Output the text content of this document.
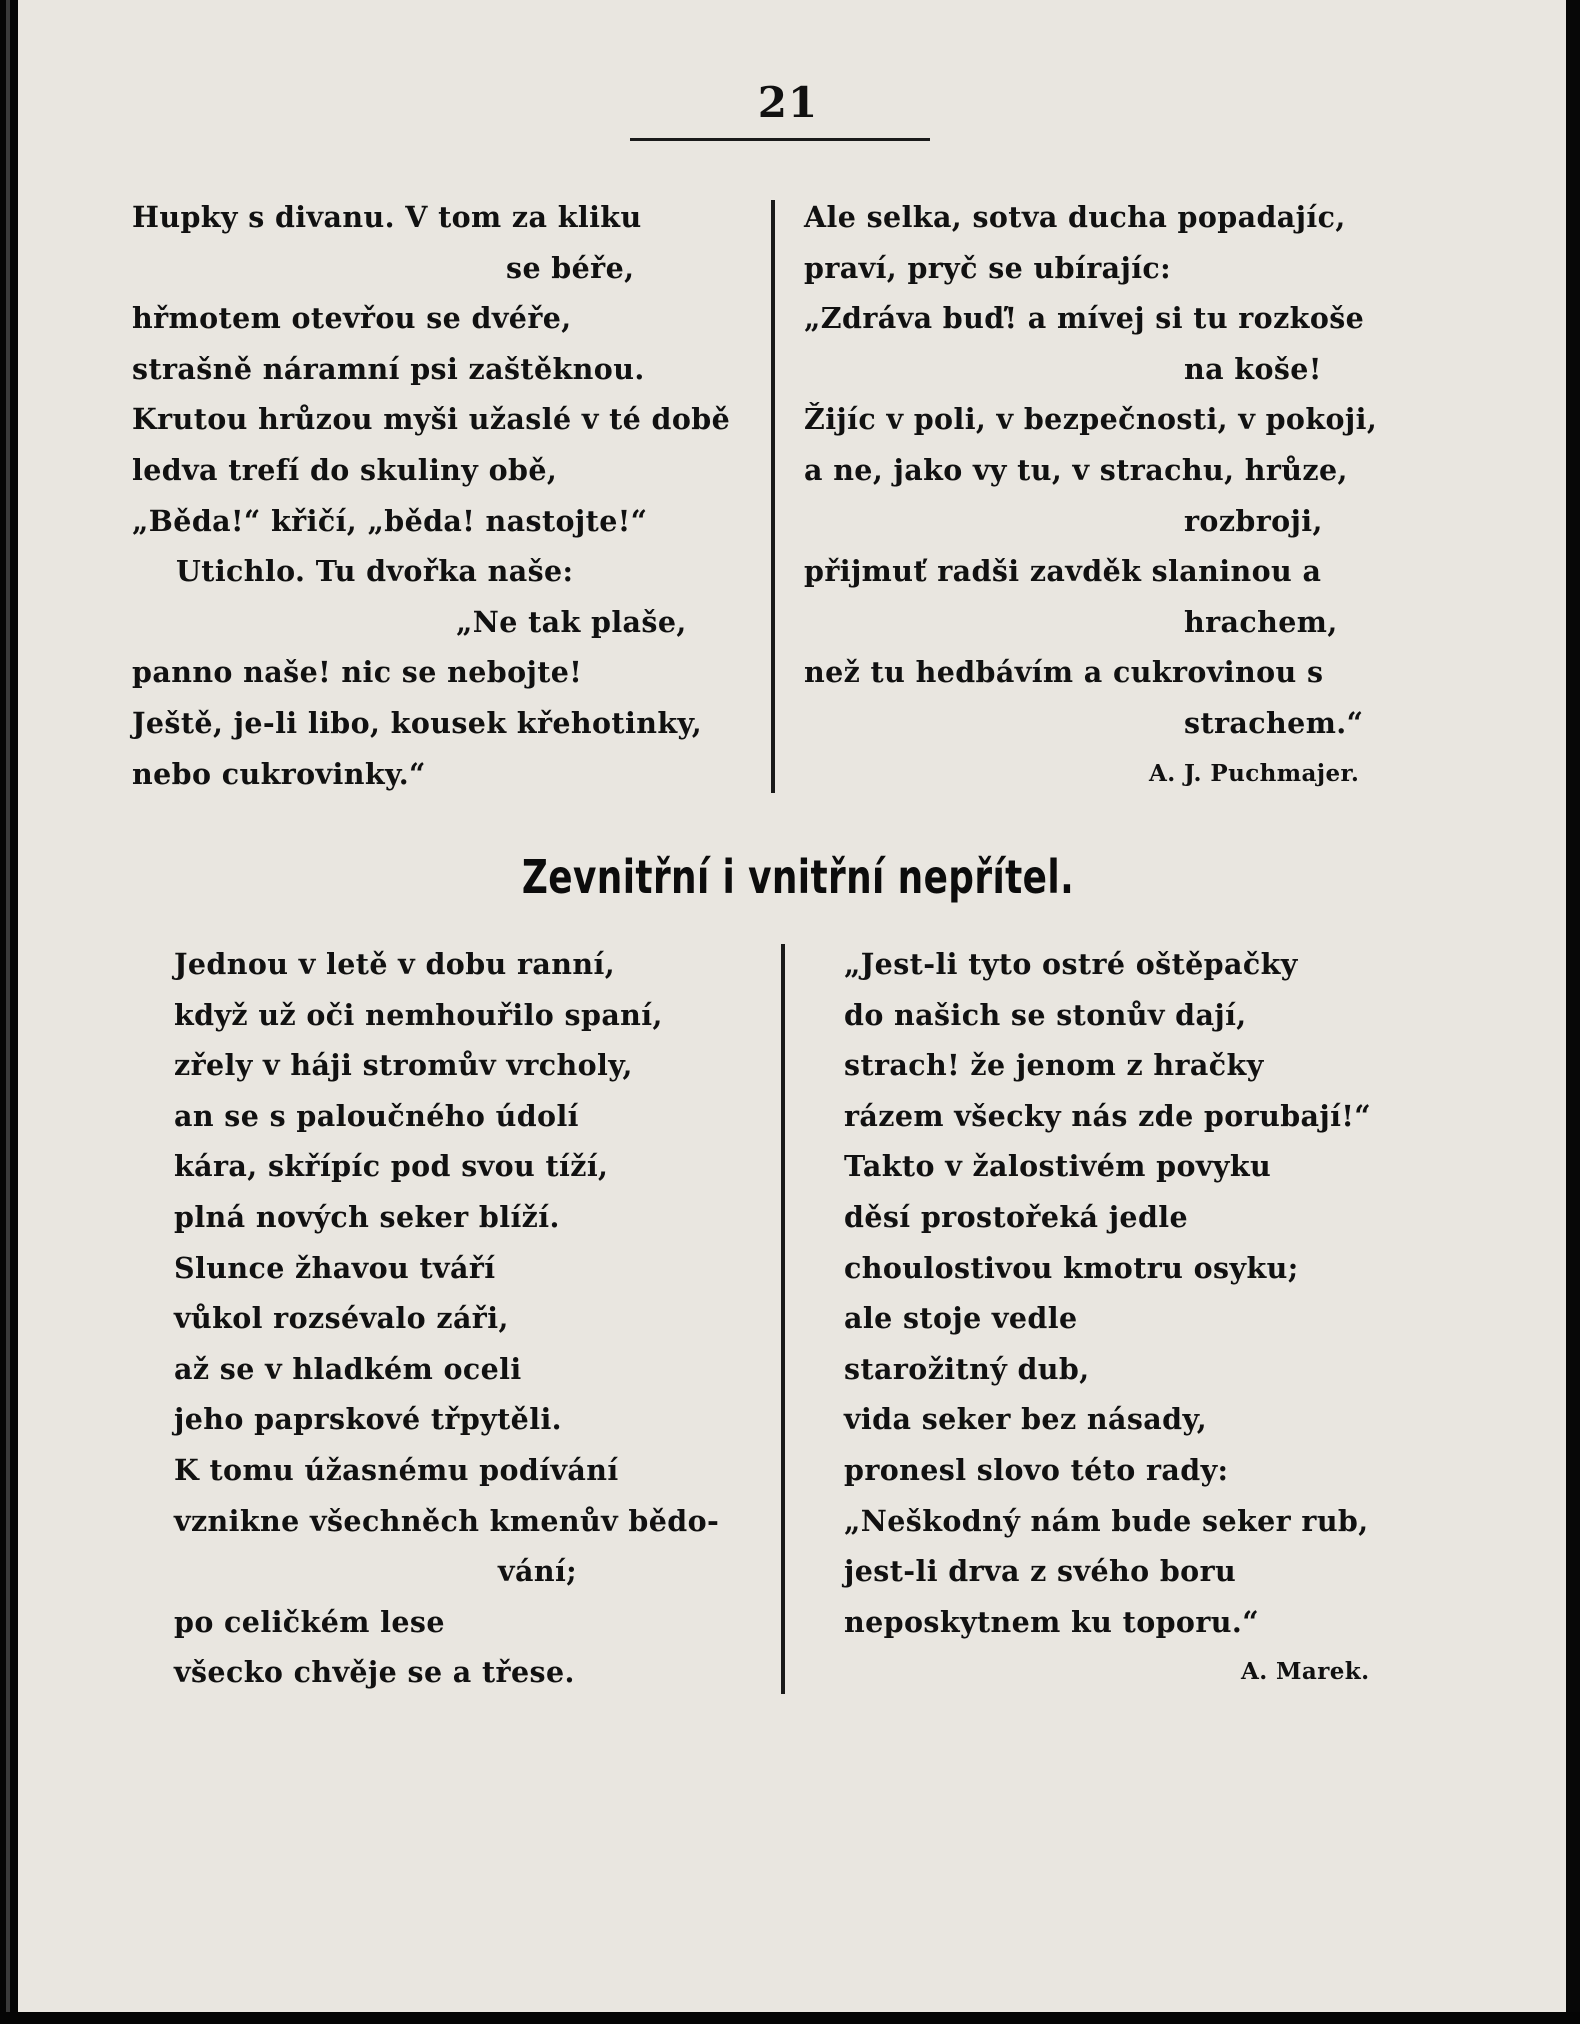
21
Hupky s divanu. V tom za kliku
se béře,
hřmotem otevřou se dvéře,
strašně náramní psi zaštěknou.
Krutou hrůzou myši užaslé v té době
ledva trefí do skuliny obě,
„Běda!“ křičí, „běda! nastojte!“
Utichlo. Tu dvořka naše:
„Ne tak plaše,
panno naše! nic se nebojte!
Ještě, je-li libo, kousek křehotinky,
nebo cukrovinky.“
Ale selka, sotva ducha popadajíc,
praví, pryč se ubírajíc:
„Zdráva buď! a mívej si tu rozkoše
na koše!
Žijíc v poli, v bezpečnosti, v pokoji,
a ne, jako vy tu, v strachu, hrůze,
rozbroji,
přijmuť radši zavděk slaninou a
hrachem,
než tu hedbávím a cukrovinou s
strachem.“
A. J. Puchmajer.
Zevnitřní i vnitřní nepřítel.
Jednou v letě v dobu ranní,
když už oči nemhouřilo spaní,
zřely v háji stromův vrcholy,
an se s paloučného údolí
kára, skřípíc pod svou tíží,
plná nových seker blíží.
Slunce žhavou tváří
vůkol rozsévalo záři,
až se v hladkém oceli
jeho paprskové třpytěli.
K tomu úžasnému podívání
vznikne všechněch kmenův bědo-
vání;
po celičkém lese
všecko chvěje se a třese.
„Jest-li tyto ostré oštěpačky
do našich se stonův dají,
strach! že jenom z hračky
rázem všecky nás zde porubají!“
Takto v žalostivém povyku
děsí prostořeká jedle
choulostivou kmotru osyku;
ale stoje vedle
starožitný dub,
vida seker bez násady,
pronesl slovo této rady:
„Neškodný nám bude seker rub,
jest-li drva z svého boru
neposkytnem ku toporu.“
A. Marek.
